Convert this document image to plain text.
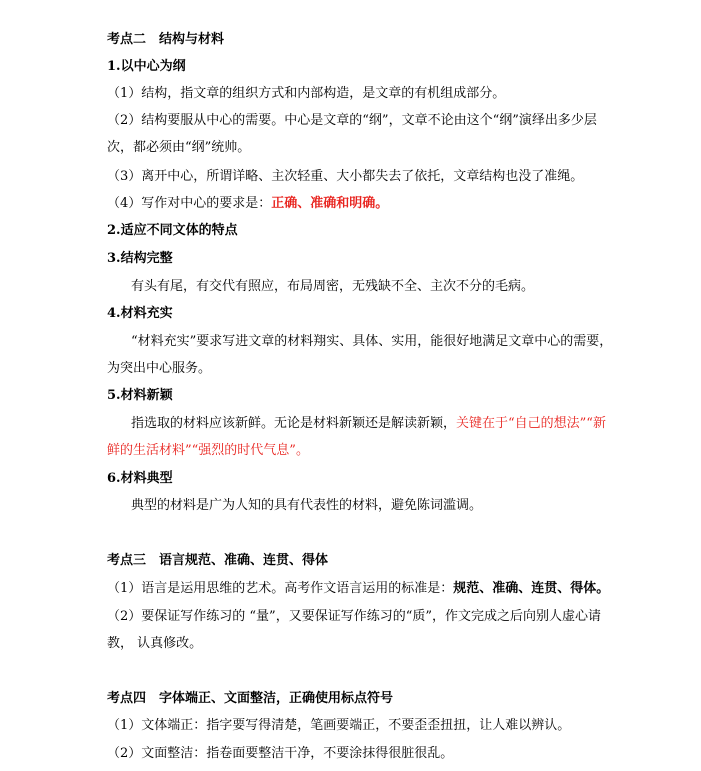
考点二　结构与材料
1.以中心为纲
（1）结构，指文章的组织方式和内部构造，是文章的有机组成部分。
（2）结构要服从中心的需要。中心是文章的“纲”，文章不论由这个“纲”演绎出多少层
次，都必须由“纲”统帅。
（3）离开中心，所谓详略、主次轻重、大小都失去了依托，文章结构也没了准绳。
（4）写作对中心的要求是：正确、准确和明确。
2.适应不同文体的特点
3.结构完整
有头有尾，有交代有照应，布局周密，无残缺不全、主次不分的毛病。
4.材料充实
“材料充实”要求写进文章的材料翔实、具体、实用，能很好地满足文章中心的需要，
为突出中心服务。
5.材料新颖
指选取的材料应该新鲜。无论是材料新颖还是解读新颖，关键在于“自己的想法”“新
鲜的生活材料”“强烈的时代气息”。
6.材料典型
典型的材料是广为人知的具有代表性的材料，避免陈词滥调。
考点三　语言规范、准确、连贯、得体
（1）语言是运用思维的艺术。高考作文语言运用的标准是：规范、准确、连贯、得体。
（2）要保证写作练习的 “量”，又要保证写作练习的“质”，作文完成之后向别人虚心请
教， 认真修改。
考点四　字体端正、文面整洁，正确使用标点符号
（1）文体端正：指字要写得清楚，笔画要端正，不要歪歪扭扭，让人难以辨认。
（2）文面整洁：指卷面要整洁干净，不要涂抹得很脏很乱。
